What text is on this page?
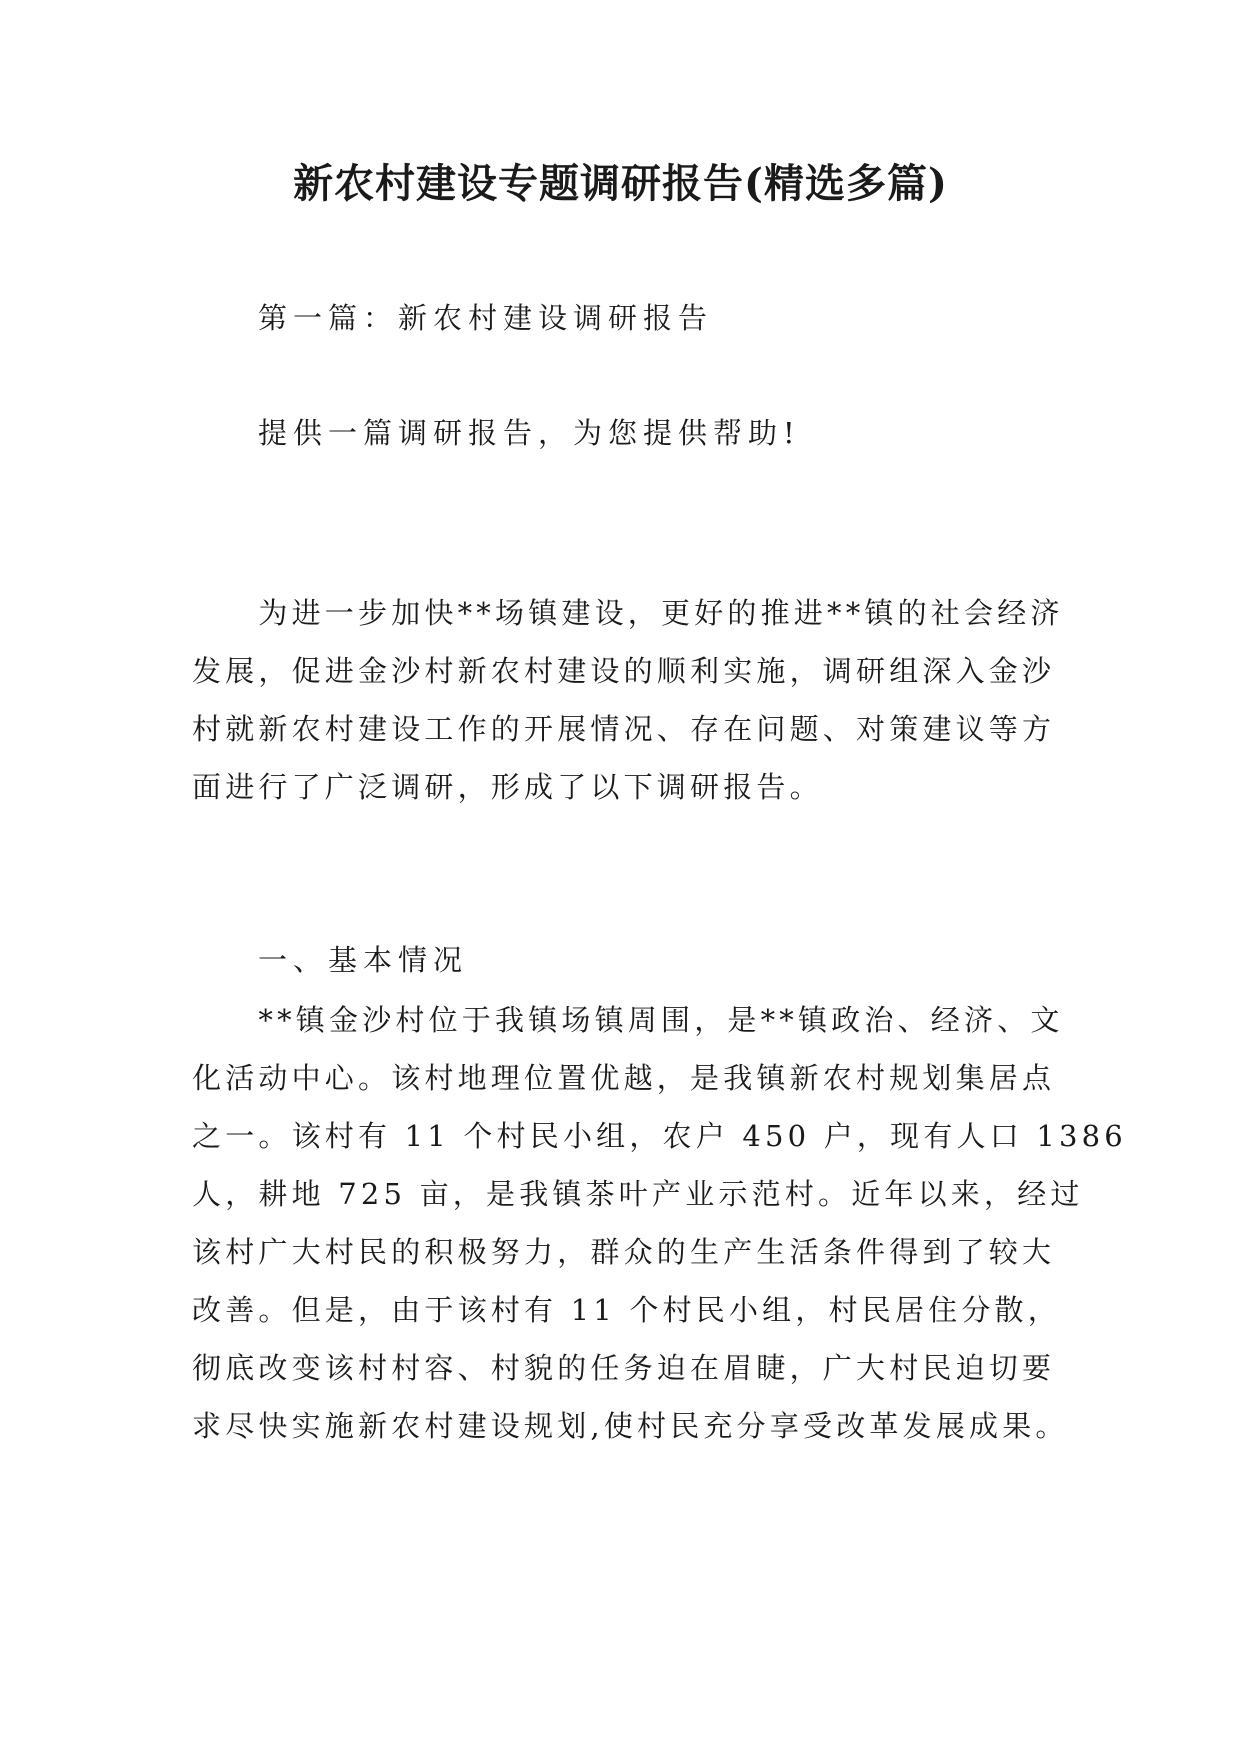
新农村建设专题调研报告(精选多篇)

第一篇：新农村建设调研报告

提供一篇调研报告，为您提供帮助!

　　为进一步加快**场镇建设，更好的推进**镇的社会经济
发展，促进金沙村新农村建设的顺利实施，调研组深入金沙
村就新农村建设工作的开展情况、存在问题、对策建议等方
面进行了广泛调研，形成了以下调研报告。

一、基本情况

　　**镇金沙村位于我镇场镇周围，是**镇政治、经济、文
化活动中心。该村地理位置优越，是我镇新农村规划集居点
之一。该村有 11 个村民小组，农户 450 户，现有人口 1386
人，耕地 725 亩，是我镇茶叶产业示范村。近年以来，经过
该村广大村民的积极努力，群众的生产生活条件得到了较大
改善。但是，由于该村有 11 个村民小组，村民居住分散，
彻底改变该村村容、村貌的任务迫在眉睫，广大村民迫切要
求尽快实施新农村建设规划,使村民充分享受改革发展成果。
